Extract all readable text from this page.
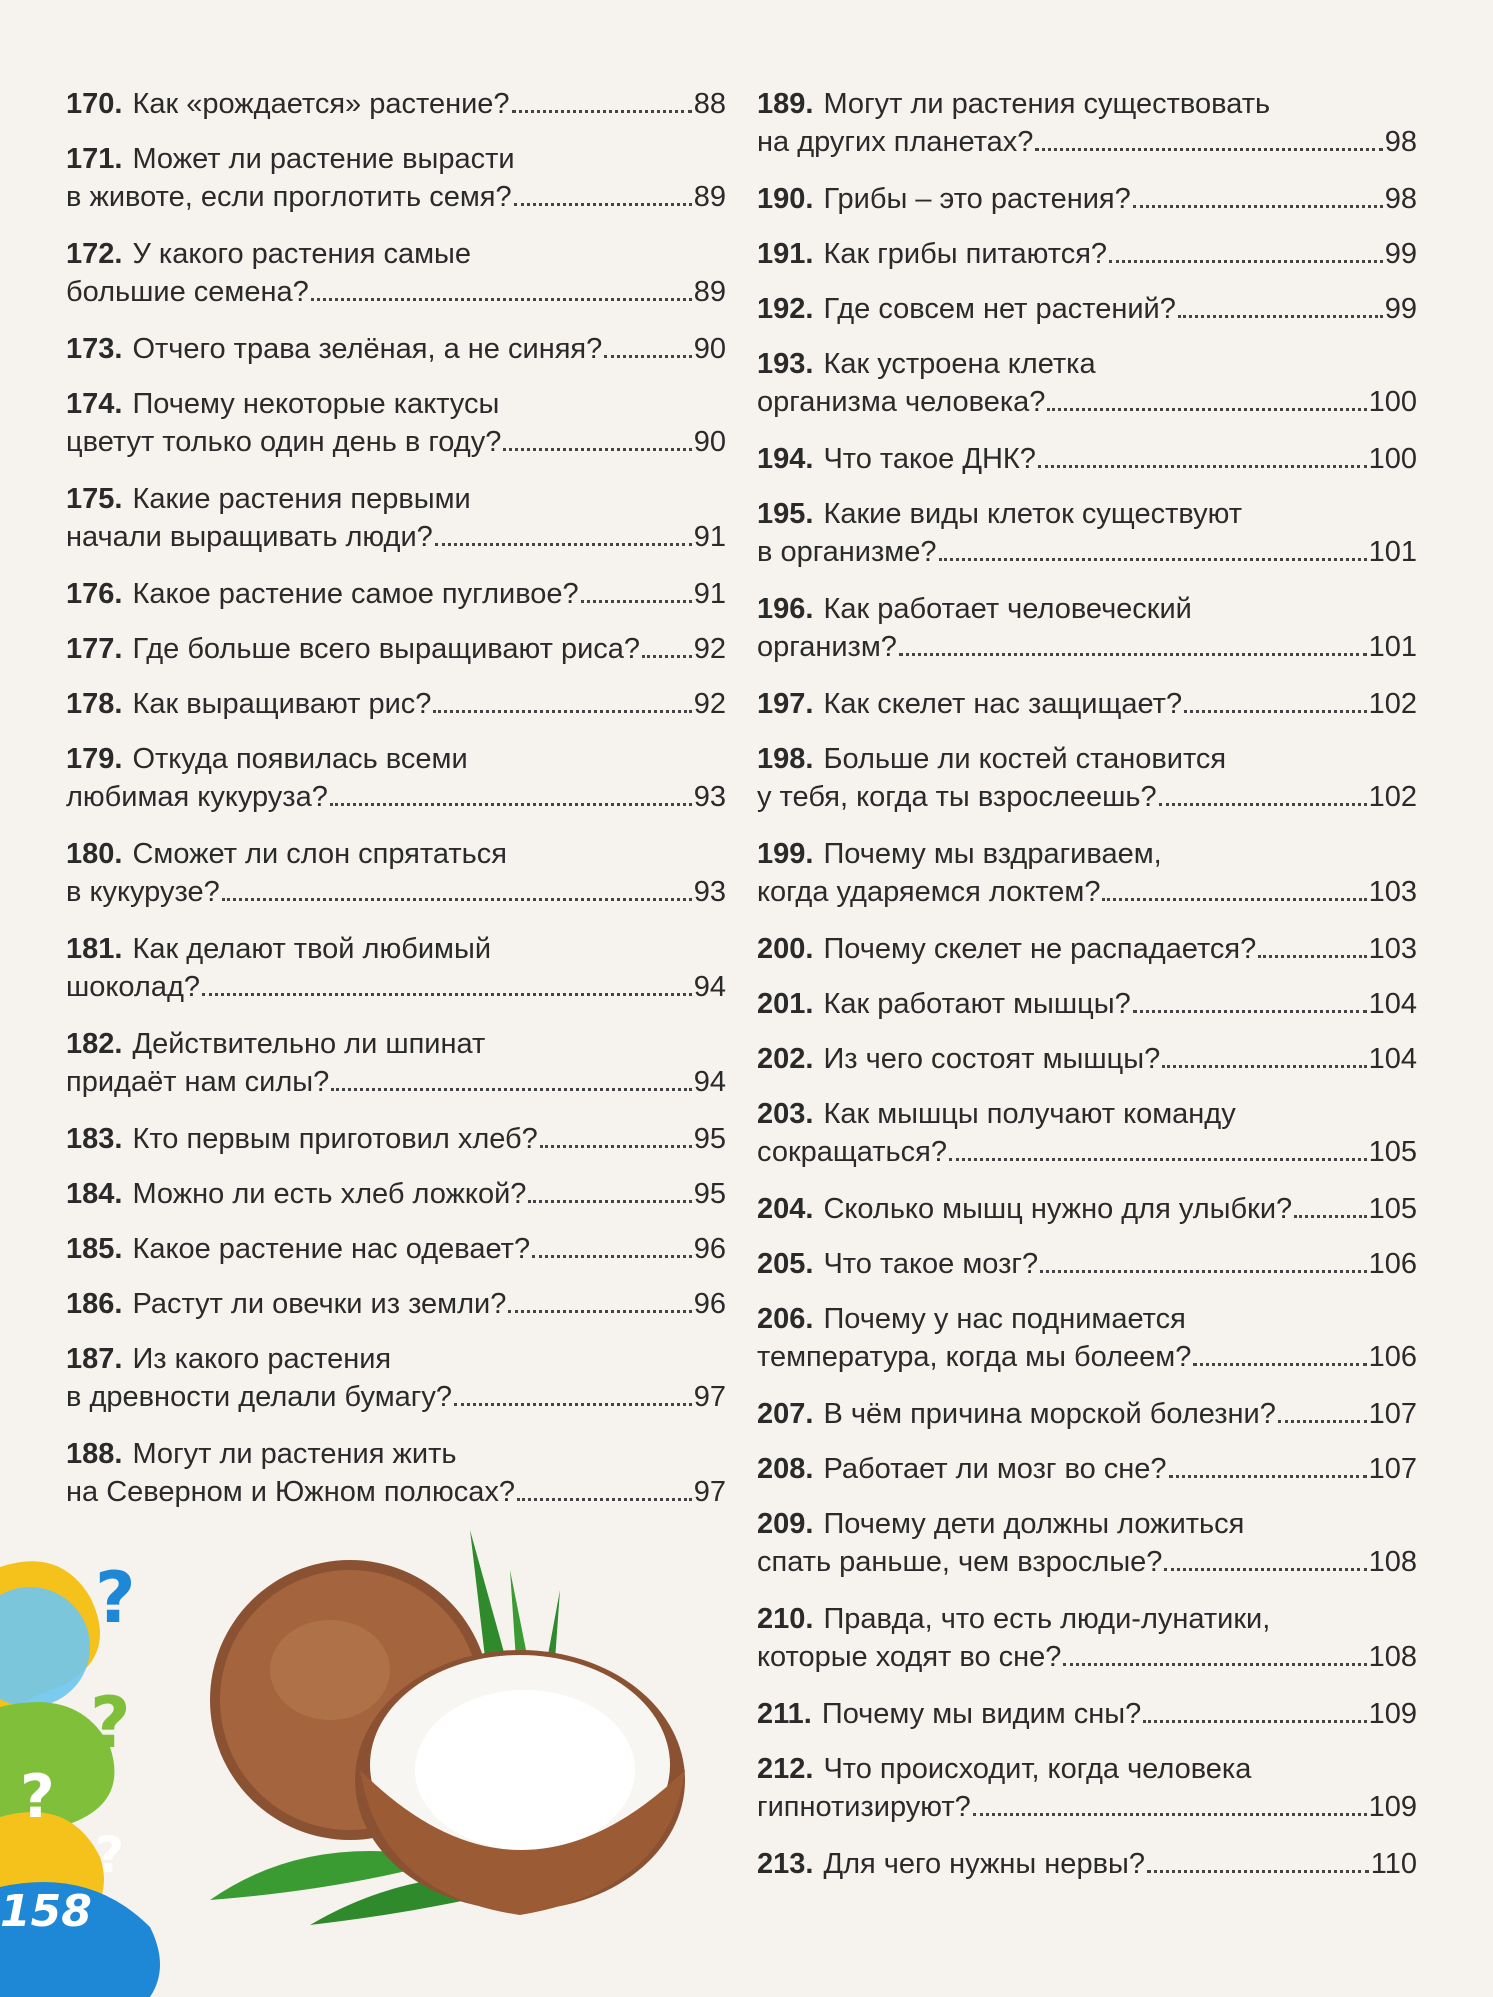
?
?
?
?
158
170. Как «рождается» растение?	88
171. Может ли растение вырасти
в животе, если проглотить семя?	89
172. У какого растения самые
большие семена?	89
173. Отчего трава зелёная, а не синяя?	90
174. Почему некоторые кактусы
цветут только один день в году?	90
175. Какие растения первыми
начали выращивать люди?	91
176. Какое растение самое пугливое?	91
177. Где больше всего выращивают риса? 92
178. Как выращивают рис?	92
179. Откуда появилась всеми
любимая кукуруза?	93
180. Сможет ли слон спрятаться
в кукурузе?	93
181. Как делают твой любимый
шоколад?	94
182. Действительно ли шпинат
придаёт нам силы?	94
183. Кто первым приготовил хлеб?	95
184. Можно ли есть хлеб ложкой?	95
185. Какое растение нас одевает?	96
186. Растут ли овечки из земли?	96
187. Из какого растения
в древности делали бумагу?	97
188. Могут ли растения жить
на Северном и Южном полюсах?	97
189. Могут ли растения существовать
на других планетах?	98
190. Грибы – это растения?	98
191. Как грибы питаются?	99
192. Где совсем нет растений?	99
193. Как устроена клетка
организма человека?	100
194. Что такое ДНК?	100
195. Какие виды клеток существуют
в организме?	101
196. Как работает человеческий
организм?	101
197. Как скелет нас защищает?	102
198. Больше ли костей становится
у тебя, когда ты взрослеешь?	102
199. Почему мы вздрагиваем,
когда ударяемся локтем?	103
200. Почему скелет не распадается?	103
201. Как работают мышцы?	104
202. Из чего состоят мышцы?	104
203. Как мышцы получают команду
сокращаться?	105
204. Сколько мышц нужно для улыбки?	105
205. Что такое мозг?	106
206. Почему у нас поднимается
температура, когда мы болеем?	106
207. В чём причина морской болезни?	107
208. Работает ли мозг во сне?	107
209. Почему дети должны ложиться
спать раньше, чем взрослые?	108
210. Правда, что есть люди-лунатики,
которые ходят во сне?	108
211. Почему мы видим сны?	109
212. Что происходит, когда человека
гипнотизируют?	109
213. Для чего нужны нервы?	110
